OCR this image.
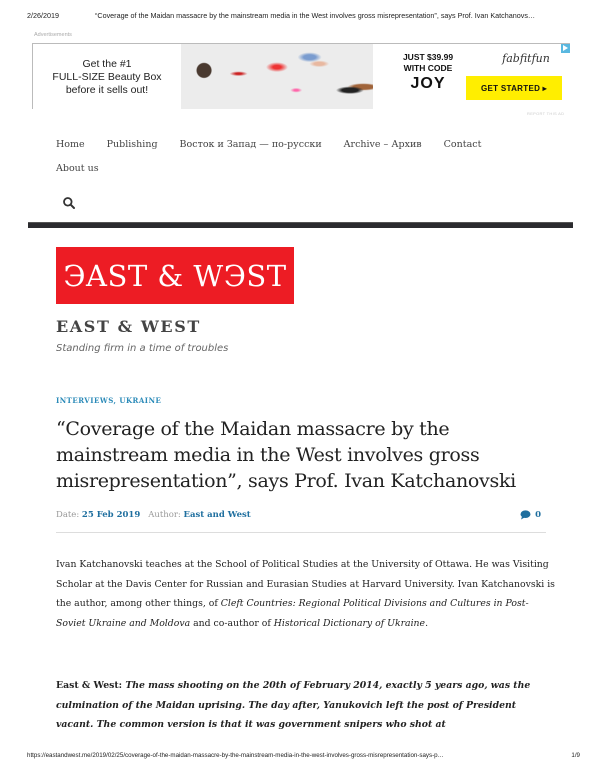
2/26/2019	“Coverage of the Maidan massacre by the mainstream media in the West involves gross misrepresentation”, says Prof. Ivan Katchanovs…
Advertisements
Get the #1
FULL-SIZE Beauty Box
before it sells out!
JUST $39.99
WITH CODE
JOY
fabfitfun
GET STARTED ▸
REPORT THIS AD
Home Publishing Восток и Запад — по-русски Archive – Архив Contact
About us
ЭAST & WЭST
EAST & WEST
Standing firm in a time of troubles
INTERVIEWS, UKRAINE
“Coverage of the Maidan massacre by the mainstream media in the West involves gross misrepresentation”, says Prof. Ivan Katchanovski
Date:
25 Feb 2019 Author:
East and West	0

Ivan Katchanovski teaches at the School of Political Studies at the University of Ottawa. He was Visiting Scholar at the Davis Center for Russian and Eurasian Studies at Harvard University. Ivan Katchanovski is the author, among other things, of Cleft Countries: Regional Political Divisions and Cultures in Post-Soviet Ukraine and Moldova and co-author of Historical Dictionary of Ukraine.

East & West: The mass shooting on the 20th of February 2014, exactly 5 years ago, was the culmination of the Maidan uprising. The day after, Yanukovich left the post of President vacant. The common version is that it was government snipers who shot at

https://eastandwest.me/2019/02/25/coverage-of-the-maidan-massacre-by-the-mainstream-media-in-the-west-involves-gross-misrepresentation-says-p…	1/9
